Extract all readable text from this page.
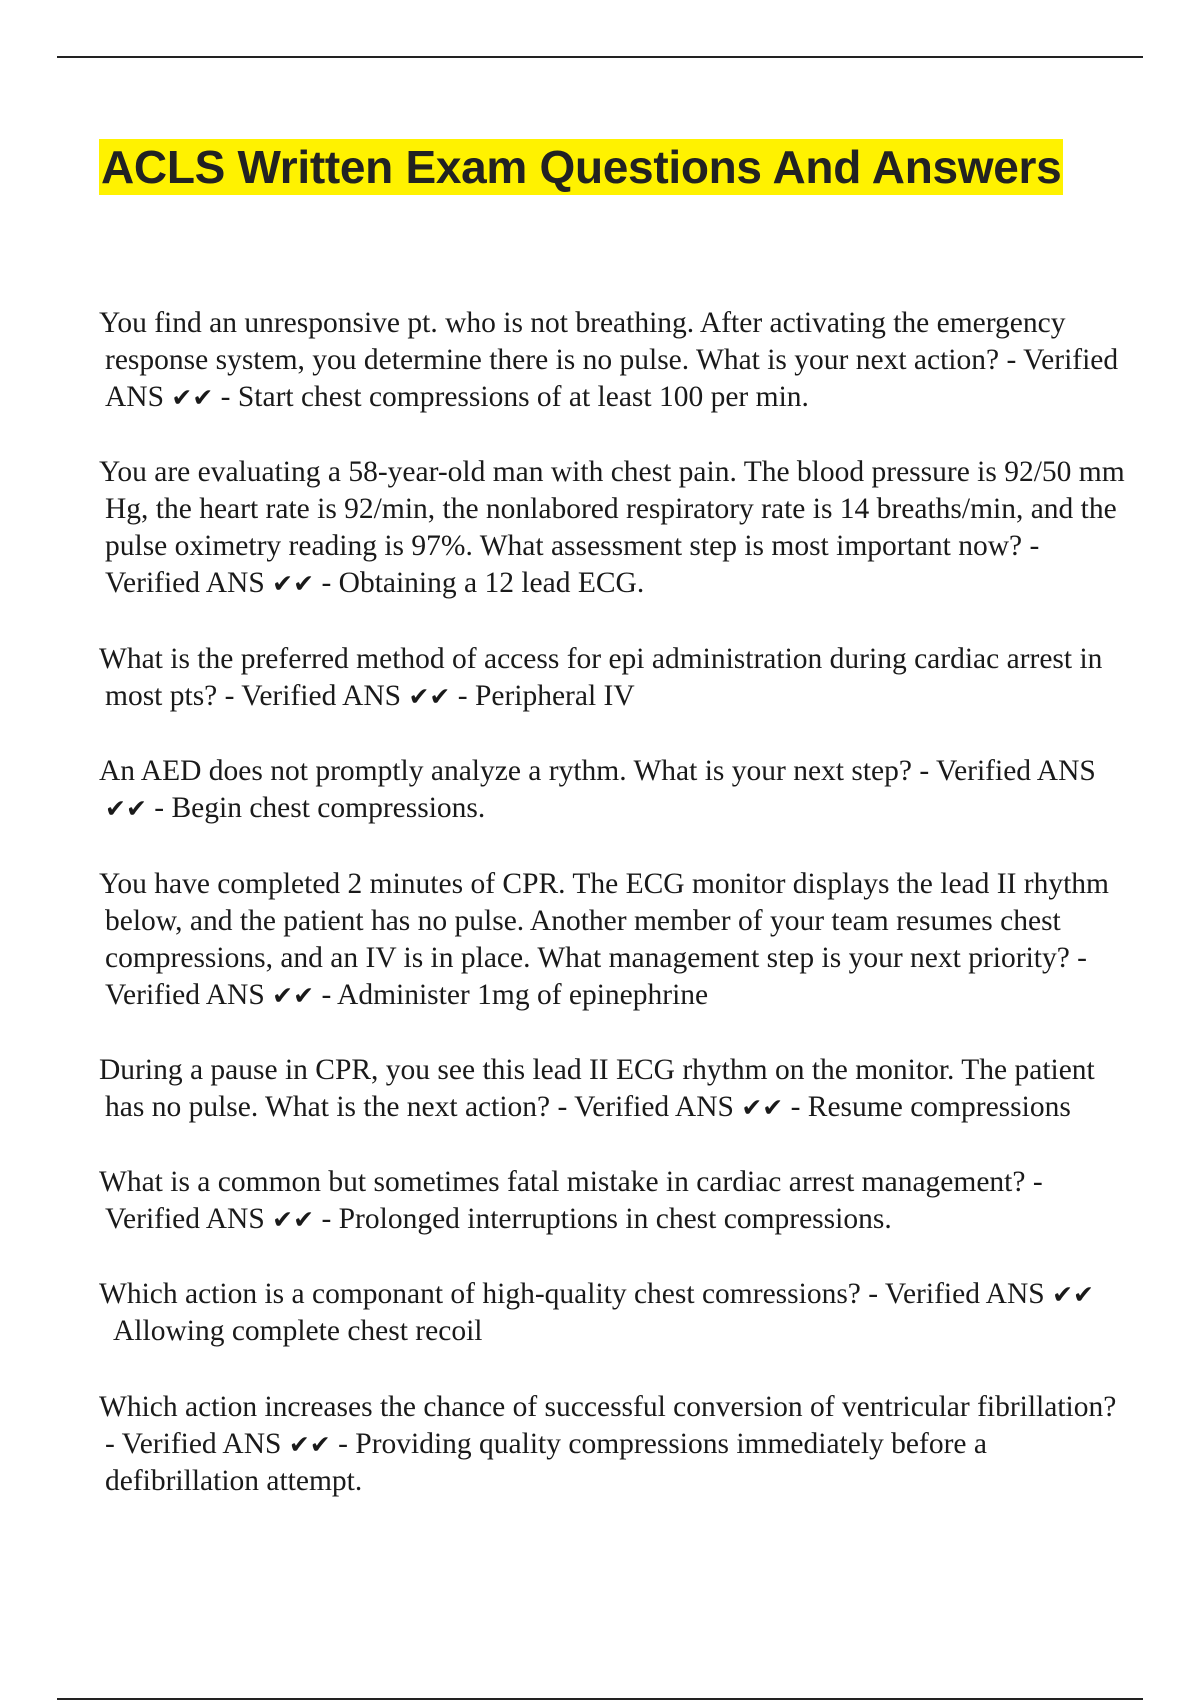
ACLS Written Exam Questions And Answers
You find an unresponsive pt. who is not breathing. After activating the emergency
response system, you determine there is no pulse. What is your next action? - Verified
ANS ✔✔ - Start chest compressions of at least 100 per min.
You are evaluating a 58-year-old man with chest pain. The blood pressure is 92/50 mm
Hg, the heart rate is 92/min, the nonlabored respiratory rate is 14 breaths/min, and the
pulse oximetry reading is 97%. What assessment step is most important now? -
Verified ANS ✔✔ - Obtaining a 12 lead ECG.
What is the preferred method of access for epi administration during cardiac arrest in
most pts? - Verified ANS ✔✔ - Peripheral IV
An AED does not promptly analyze a rythm. What is your next step? - Verified ANS
✔✔ - Begin chest compressions.
You have completed 2 minutes of CPR. The ECG monitor displays the lead II rhythm
below, and the patient has no pulse. Another member of your team resumes chest
compressions, and an IV is in place. What management step is your next priority? -
Verified ANS ✔✔ - Administer 1mg of epinephrine
During a pause in CPR, you see this lead II ECG rhythm on the monitor. The patient
has no pulse. What is the next action? - Verified ANS ✔✔ - Resume compressions
What is a common but sometimes fatal mistake in cardiac arrest management? -
Verified ANS ✔✔ - Prolonged interruptions in chest compressions.
Which action is a componant of high-quality chest comressions? - Verified ANS ✔✔
Allowing complete chest recoil
Which action increases the chance of successful conversion of ventricular fibrillation?
- Verified ANS ✔✔ - Providing quality compressions immediately before a
defibrillation attempt.
